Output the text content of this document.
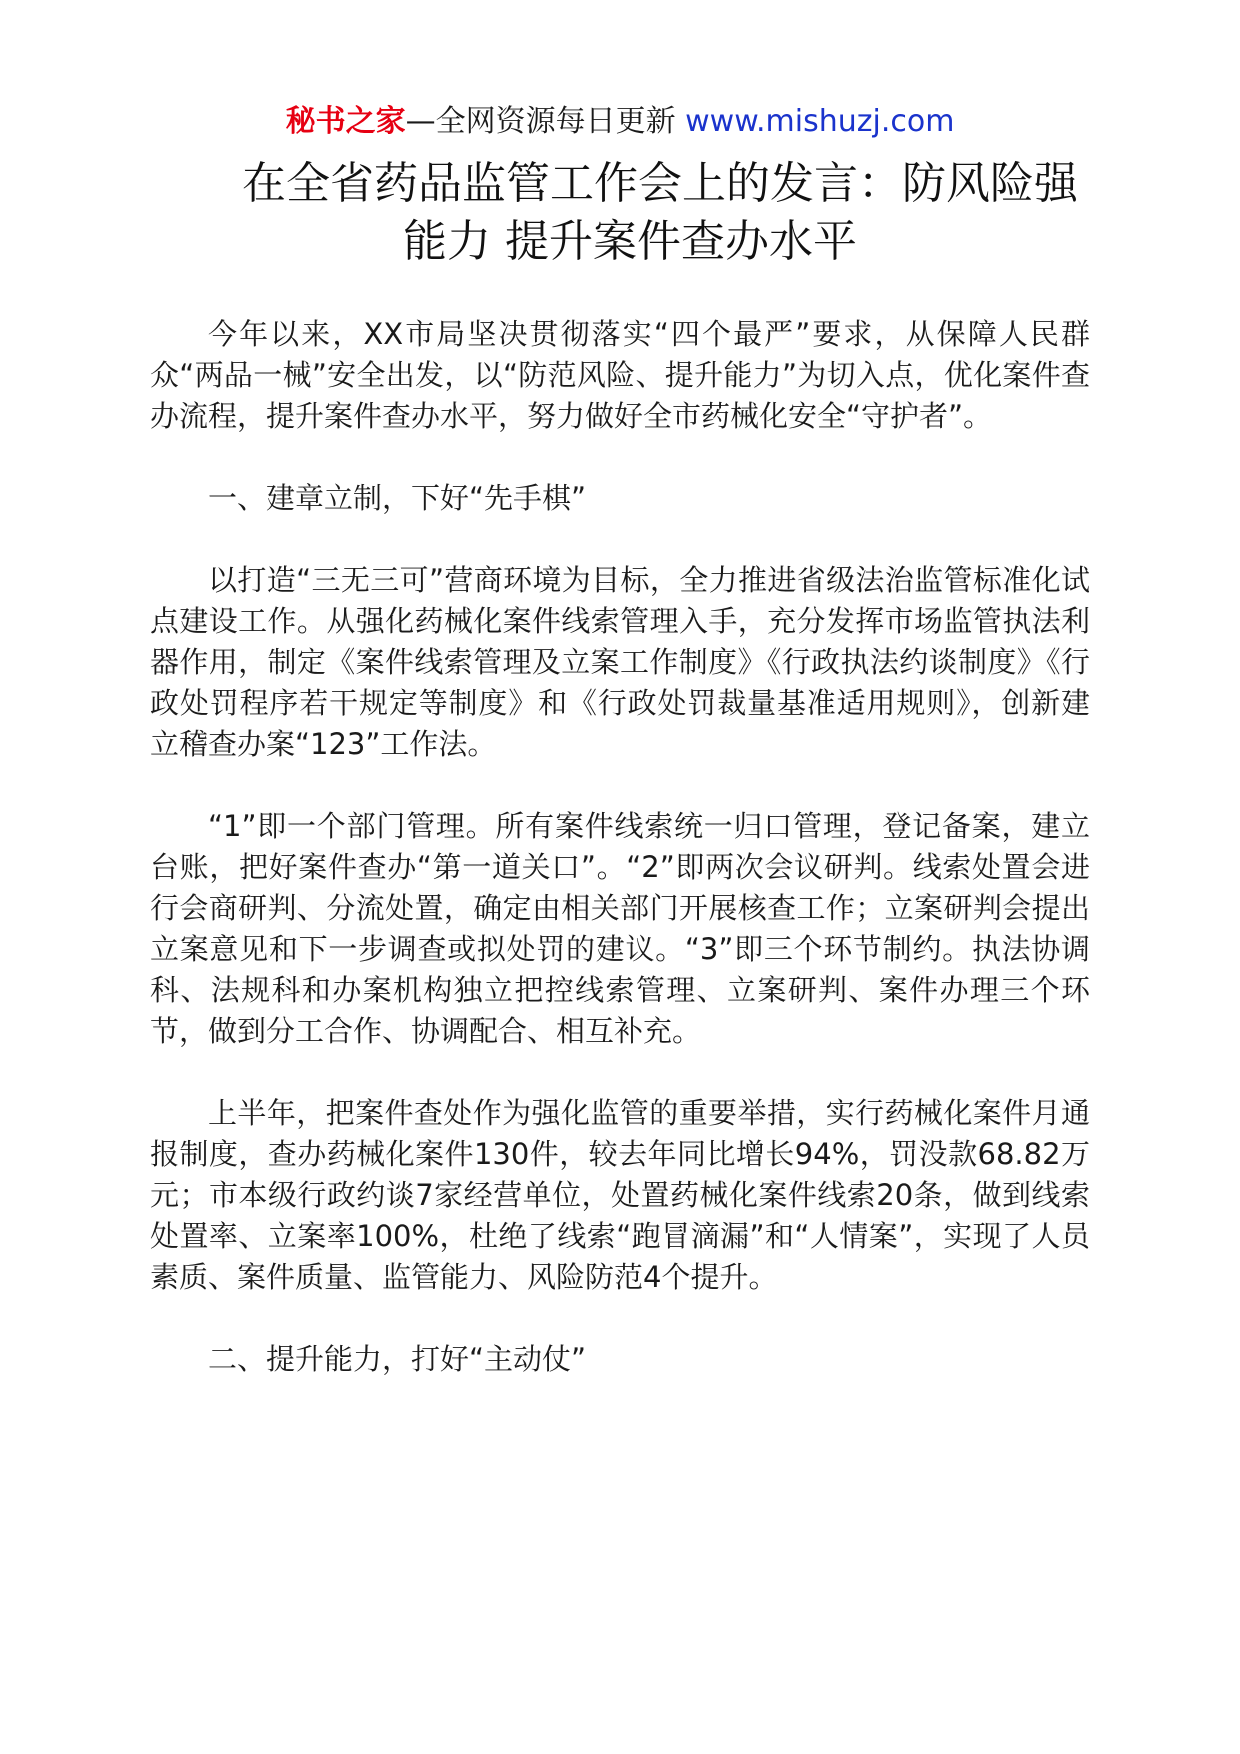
秘书之家—全网资源每日更新 www.mishuzj.com
在全省药品监管工作会上的发言：防风险强
能力 提升案件查办水平

今年以来，XX市局坚决贯彻落实“四个最严”要求，从保障人民群众“两品一械”安全出发，以“防范风险、提升能力”为切入点，优化案件查办流程，提升案件查办水平，努力做好全市药械化安全“守护者”。

一、建章立制，下好“先手棋”

以打造“三无三可”营商环境为目标，全力推进省级法治监管标准化试点建设工作。从强化药械化案件线索管理入手，充分发挥市场监管执法利器作用，制定《案件线索管理及立案工作制度》《行政执法约谈制度》《行政处罚程序若干规定等制度》和《行政处罚裁量基准适用规则》，创新建立稽查办案“123”工作法。

“1”即一个部门管理。所有案件线索统一归口管理，登记备案，建立台账，把好案件查办“第一道关口”。“2”即两次会议研判。线索处置会进行会商研判、分流处置，确定由相关部门开展核查工作；立案研判会提出立案意见和下一步调查或拟处罚的建议。“3”即三个环节制约。执法协调科、法规科和办案机构独立把控线索管理、立案研判、案件办理三个环节，做到分工合作、协调配合、相互补充。

上半年，把案件查处作为强化监管的重要举措，实行药械化案件月通报制度，查办药械化案件130件，较去年同比增长94%，罚没款68.82万元；市本级行政约谈7家经营单位，处置药械化案件线索20条，做到线索处置率、立案率100%，杜绝了线索“跑冒滴漏”和“人情案”，实现了人员素质、案件质量、监管能力、风险防范4个提升。

二、提升能力，打好“主动仗”
